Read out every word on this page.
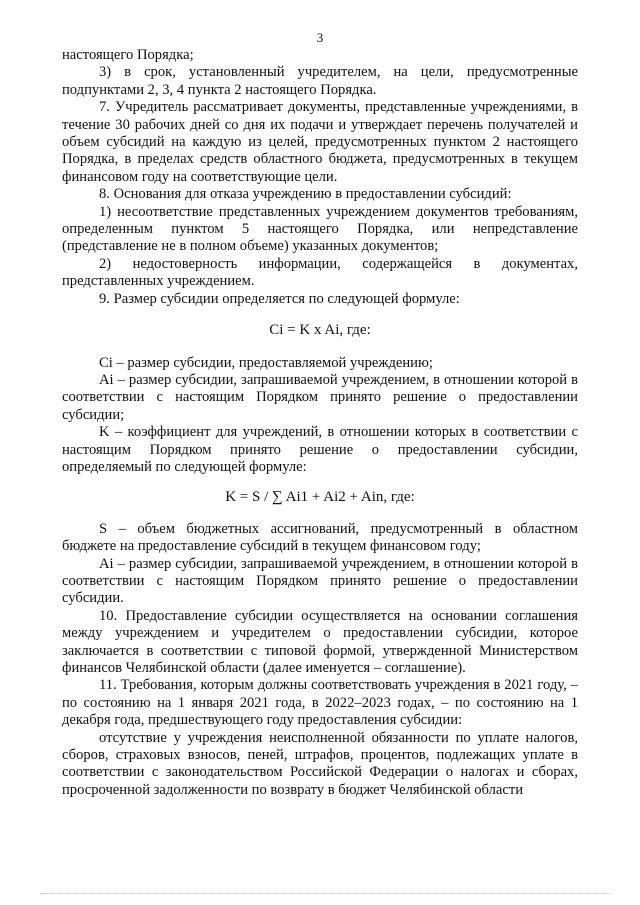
3

настоящего Порядка;

3) в срок, установленный учредителем, на цели, предусмотренные подпунктами 2, 3, 4 пункта 2 настоящего Порядка.

7. Учредитель рассматривает документы, представленные учреждениями, в течение 30 рабочих дней со дня их подачи и утверждает перечень получателей и объем субсидий на каждую из целей, предусмотренных пунктом 2 настоящего Порядка, в пределах средств областного бюджета, предусмотренных в текущем финансовом году на соответствующие цели.

8. Основания для отказа учреждению в предоставлении субсидий:

1) несоответствие представленных учреждением документов требованиям, определенным пунктом 5 настоящего Порядка, или непредставление (представление не в полном объеме) указанных документов;

2) недостоверность информации, содержащейся в документах, представленных учреждением.

9. Размер субсидии определяется по следующей формуле:

Ci = K x Ai, где:

Ci – размер субсидии, предоставляемой учреждению;

Ai – размер субсидии, запрашиваемой учреждением, в отношении которой в соответствии с настоящим Порядком принято решение о предоставлении субсидии;

K – коэффициент для учреждений, в отношении которых в соответствии с настоящим Порядком принято решение о предоставлении субсидии, определяемый по следующей формуле:

K = S / ∑ Ai1 + Ai2 + Ain, где:

S – объем бюджетных ассигнований, предусмотренный в областном бюджете на предоставление субсидий в текущем финансовом году;

Ai – размер субсидии, запрашиваемой учреждением, в отношении которой в соответствии с настоящим Порядком принято решение о предоставлении субсидии.

10. Предоставление субсидии осуществляется на основании соглашения между учреждением и учредителем о предоставлении субсидии, которое заключается в соответствии с типовой формой, утвержденной Министерством финансов Челябинской области (далее именуется – соглашение).

11. Требования, которым должны соответствовать учреждения в 2021 году, – по состоянию на 1 января 2021 года, в 2022–2023 годах, – по состоянию на 1 декабря года, предшествующего году предоставления субсидии:

отсутствие у учреждения неисполненной обязанности по уплате налогов, сборов, страховых взносов, пеней, штрафов, процентов, подлежащих уплате в соответствии с законодательством Российской Федерации о налогах и сборах, просроченной задолженности по возврату в бюджет Челябинской области
